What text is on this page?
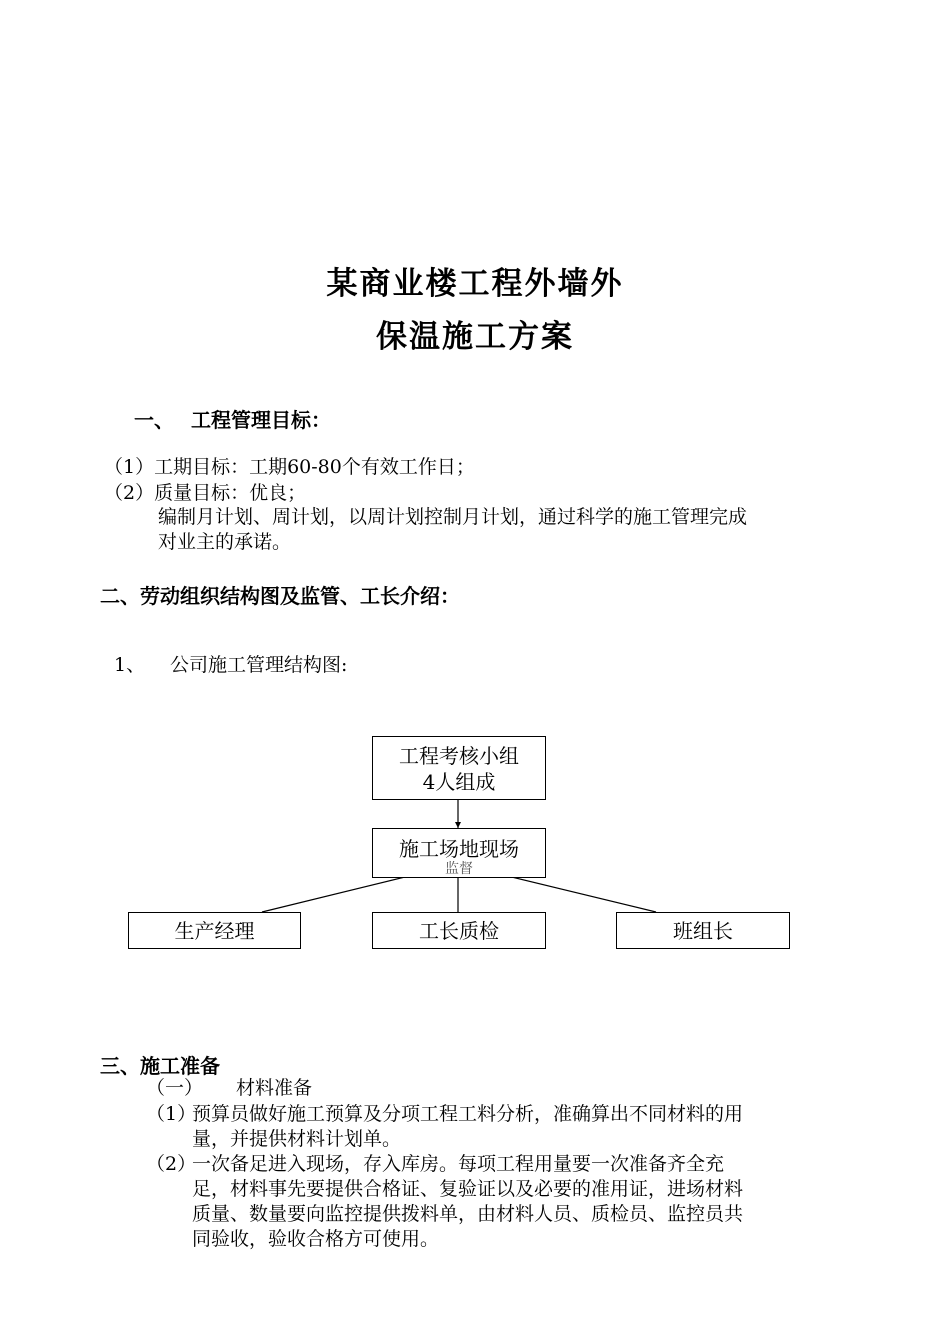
某商业楼工程外墙外
保温施工方案
一、 工程管理目标：
（1）工期目标：工期60-80个有效工作日；
（2）质量目标：优良；
编制月计划、周计划，以周计划控制月计划，通过科学的施工管理完成
对业主的承诺。
二、劳动组织结构图及监管、工长介绍：
1、 公司施工管理结构图:
工程考核小组
4人组成
施工场地现场
监督
生产经理	工长质检	班组长
三、施工准备
（一） 材料准备
（1）
预算员做好施工预算及分项工程工料分析，准确算出不同材料的用
量，并提供材料计划单。
（2）
一次备足进入现场，存入库房。每项工程用量要一次准备齐全充
足，材料事先要提供合格证、复验证以及必要的准用证，进场材料
质量、数量要向监控提供拨料单，由材料人员、质检员、监控员共
同验收，验收合格方可使用。
